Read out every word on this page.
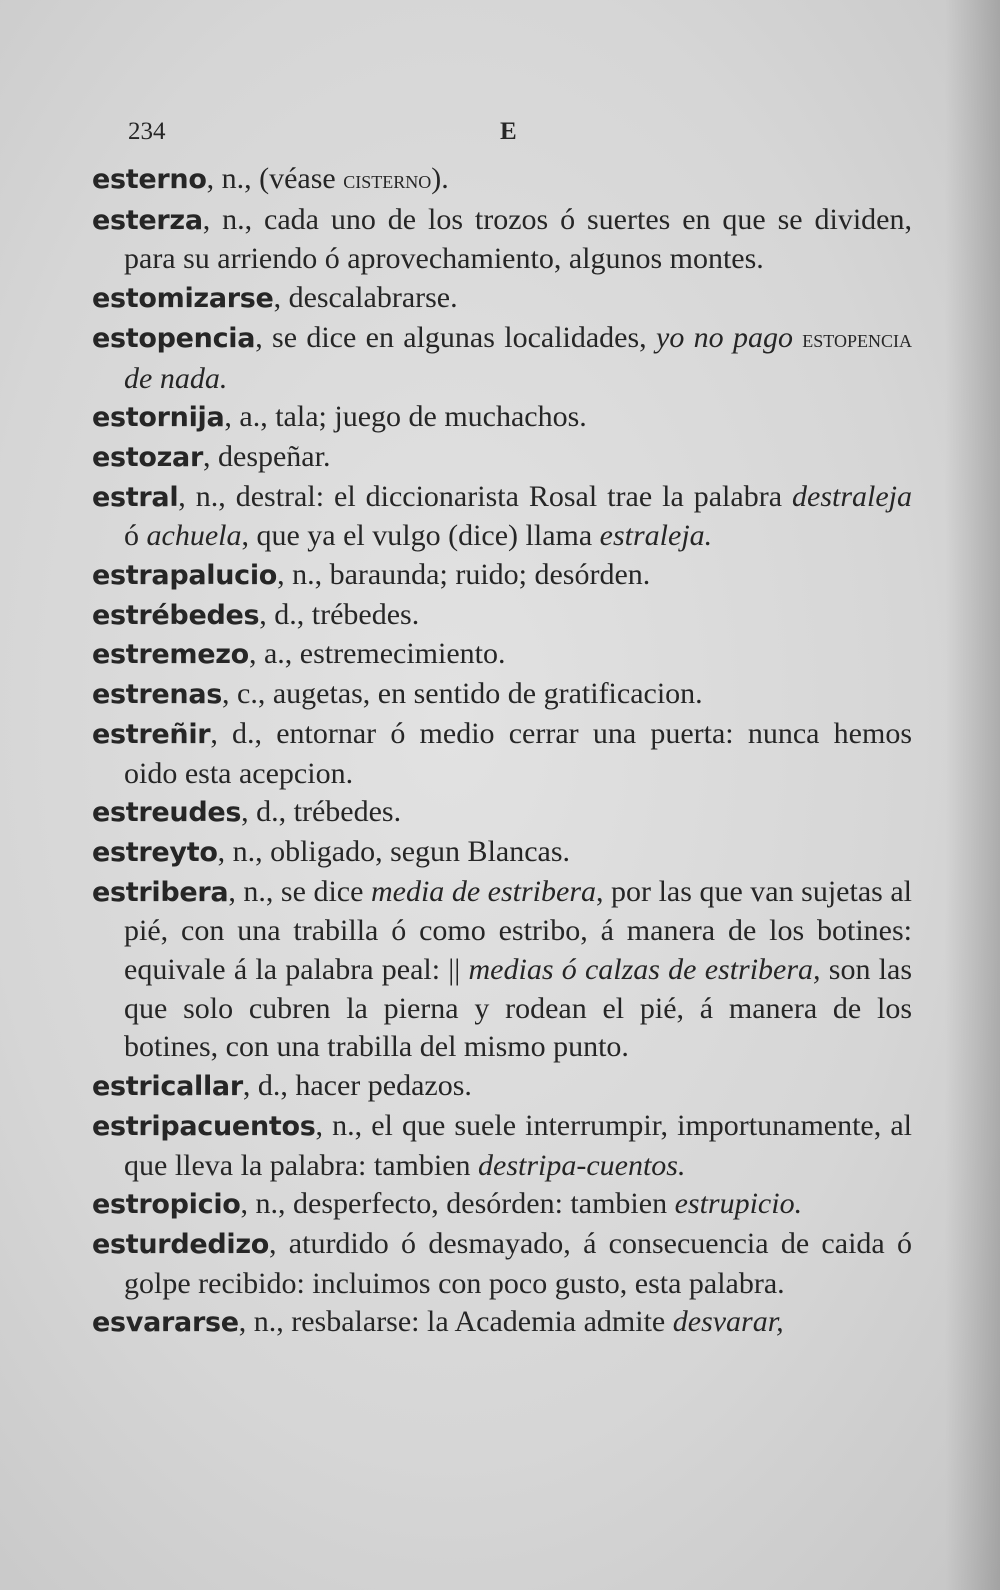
234	E

esterno, n., (véase cisterno).

esterza, n., cada uno de los trozos ó suertes en que se dividen, para su arriendo ó aprovechamiento, algunos montes.

estomizarse, descalabrarse.

estopencia, se dice en algunas localidades, yo no pago estopencia de nada.

estornija, a., tala; juego de muchachos.

estozar, despeñar.

estral, n., destral: el diccionarista Rosal trae la palabra destraleja ó achuela, que ya el vulgo (dice) llama estraleja.

estrapalucio, n., baraunda; ruido; desórden.

estrébedes, d., trébedes.

estremezo, a., estremecimiento.

estrenas, c., augetas, en sentido de gratificacion.

estreñir, d., entornar ó medio cerrar una puerta: nunca hemos oido esta acepcion.

estreudes, d., trébedes.

estreyto, n., obligado, segun Blancas.

estribera, n., se dice media de estribera, por las que van sujetas al pié, con una trabilla ó como estribo, á manera de los botines: equivale á la palabra peal: || medias ó calzas de estribera, son las que solo cubren la pierna y rodean el pié, á manera de los botines, con una trabilla del mismo punto.

estricallar, d., hacer pedazos.

estripacuentos, n., el que suele interrumpir, importunamente, al que lleva la palabra: tambien destripa-cuentos.

estropicio, n., desperfecto, desórden: tambien estrupicio.

esturdedizo, aturdido ó desmayado, á consecuencia de caida ó golpe recibido: incluimos con poco gusto, esta palabra.

esvararse, n., resbalarse: la Academia admite desvarar,
